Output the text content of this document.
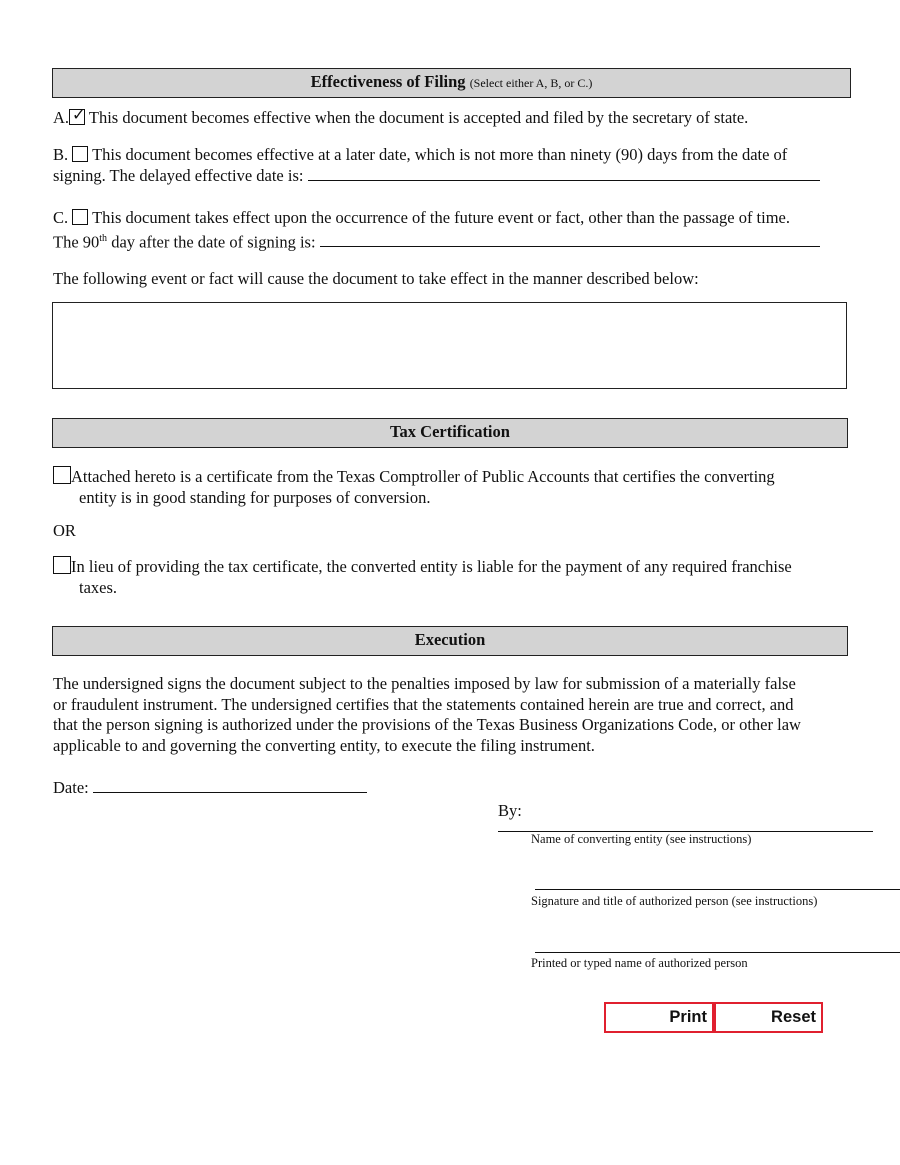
Effectiveness of Filing (Select either A, B, or C.)
A. ✓ This document becomes effective when the document is accepted and filed by the secretary of state.
B. This document becomes effective at a later date, which is not more than ninety (90) days from the date of
signing. The delayed effective date is:
C. This document takes effect upon the occurrence of the future event or fact, other than the passage of time.
The 90th day after the date of signing is:
The following event or fact will cause the document to take effect in the manner described below:
Tax Certification
Attached hereto is a certificate from the Texas Comptroller of Public Accounts that certifies the converting
entity is in good standing for purposes of conversion.
OR
In lieu of providing the tax certificate, the converted entity is liable for the payment of any required franchise
taxes.
Execution
The undersigned signs the document subject to the penalties imposed by law for submission of a materially false
or fraudulent instrument. The undersigned certifies that the statements contained herein are true and correct, and
that the person signing is authorized under the provisions of the Texas Business Organizations Code, or other law
applicable to and governing the converting entity, to execute the filing instrument.
Date:
By:
Name of converting entity (see instructions)
Signature and title of authorized person (see instructions)
Printed or typed name of authorized person
Print	Reset
